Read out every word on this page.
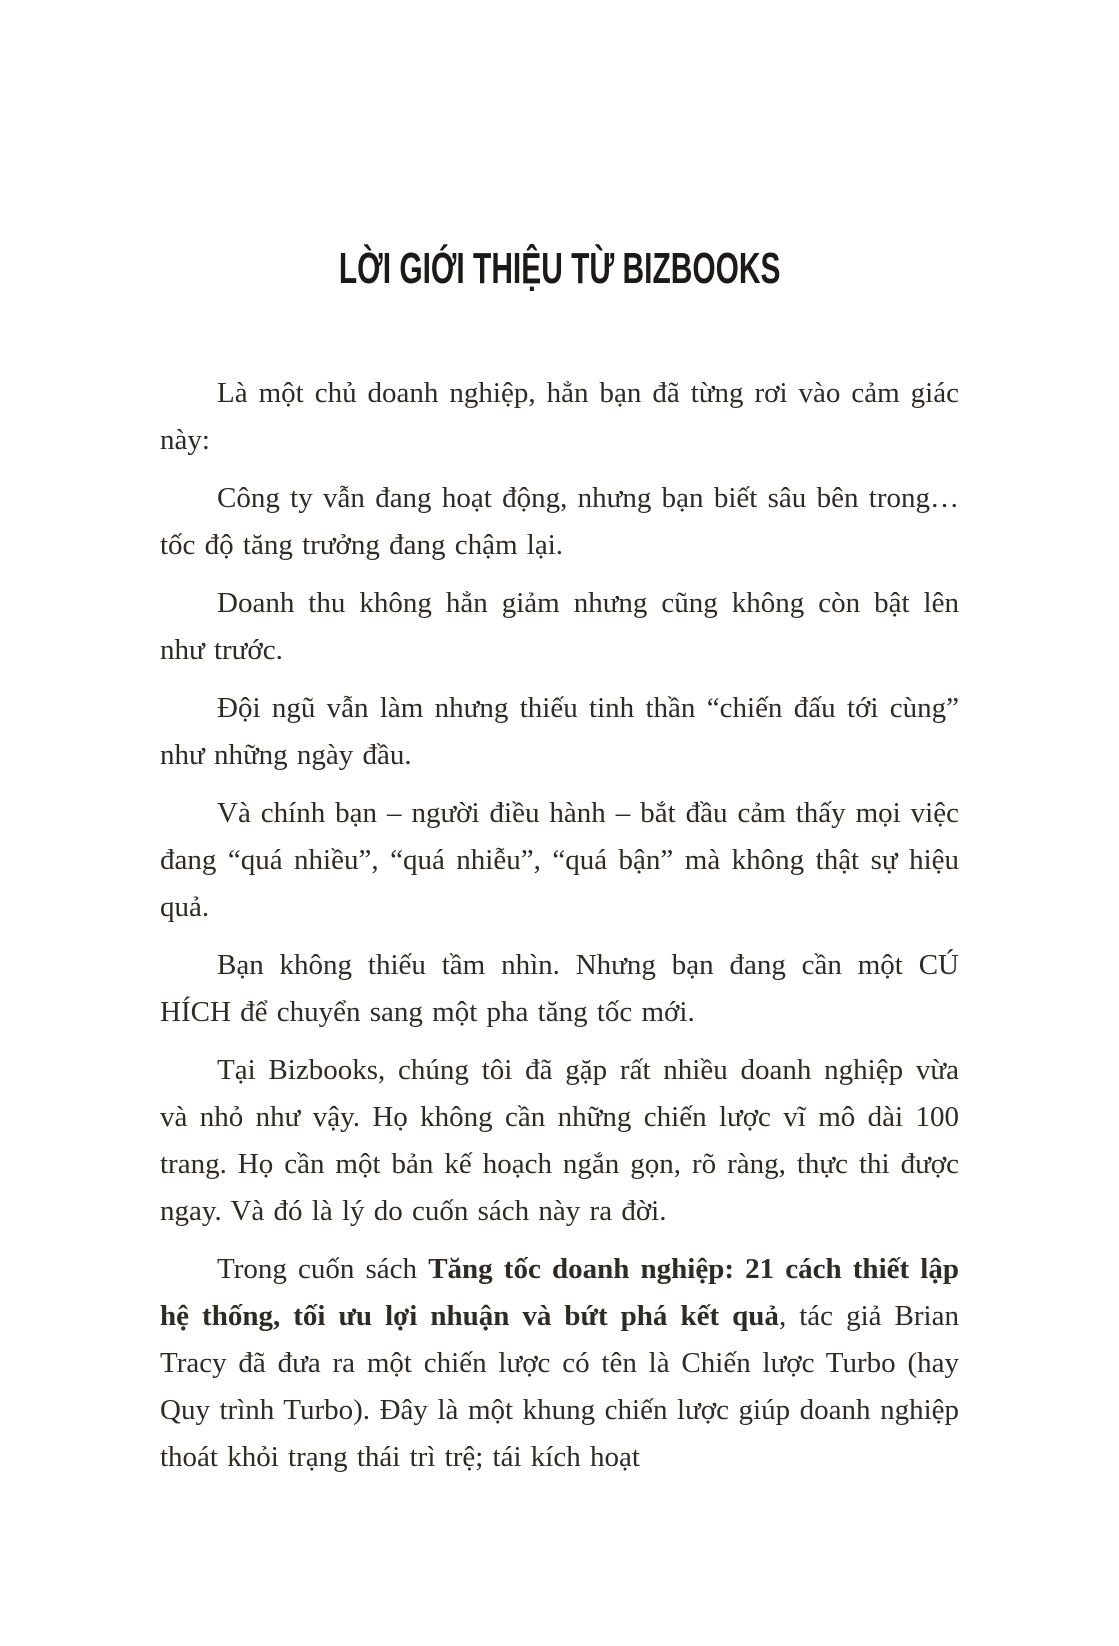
LỜI GIỚI THIỆU TỪ BIZBOOKS

Là một chủ doanh nghiệp, hẳn bạn đã từng rơi vào cảm giác này:

Công ty vẫn đang hoạt động, nhưng bạn biết sâu bên trong… tốc độ tăng trưởng đang chậm lại.

Doanh thu không hẳn giảm nhưng cũng không còn bật lên như trước.

Đội ngũ vẫn làm nhưng thiếu tinh thần “chiến đấu tới cùng” như những ngày đầu.

Và chính bạn – người điều hành – bắt đầu cảm thấy mọi việc đang “quá nhiều”, “quá nhiễu”, “quá bận” mà không thật sự hiệu quả.

Bạn không thiếu tầm nhìn. Nhưng bạn đang cần một CÚ HÍCH để chuyển sang một pha tăng tốc mới.

Tại Bizbooks, chúng tôi đã gặp rất nhiều doanh nghiệp vừa và nhỏ như vậy. Họ không cần những chiến lược vĩ mô dài 100 trang. Họ cần một bản kế hoạch ngắn gọn, rõ ràng, thực thi được ngay. Và đó là lý do cuốn sách này ra đời.

Trong cuốn sách Tăng tốc doanh nghiệp: 21 cách thiết lập hệ thống, tối ưu lợi nhuận và bứt phá kết quả, tác giả Brian Tracy đã đưa ra một chiến lược có tên là Chiến lược Turbo (hay Quy trình Turbo). Đây là một khung chiến lược giúp doanh nghiệp thoát khỏi trạng thái trì trệ; tái kích hoạt
